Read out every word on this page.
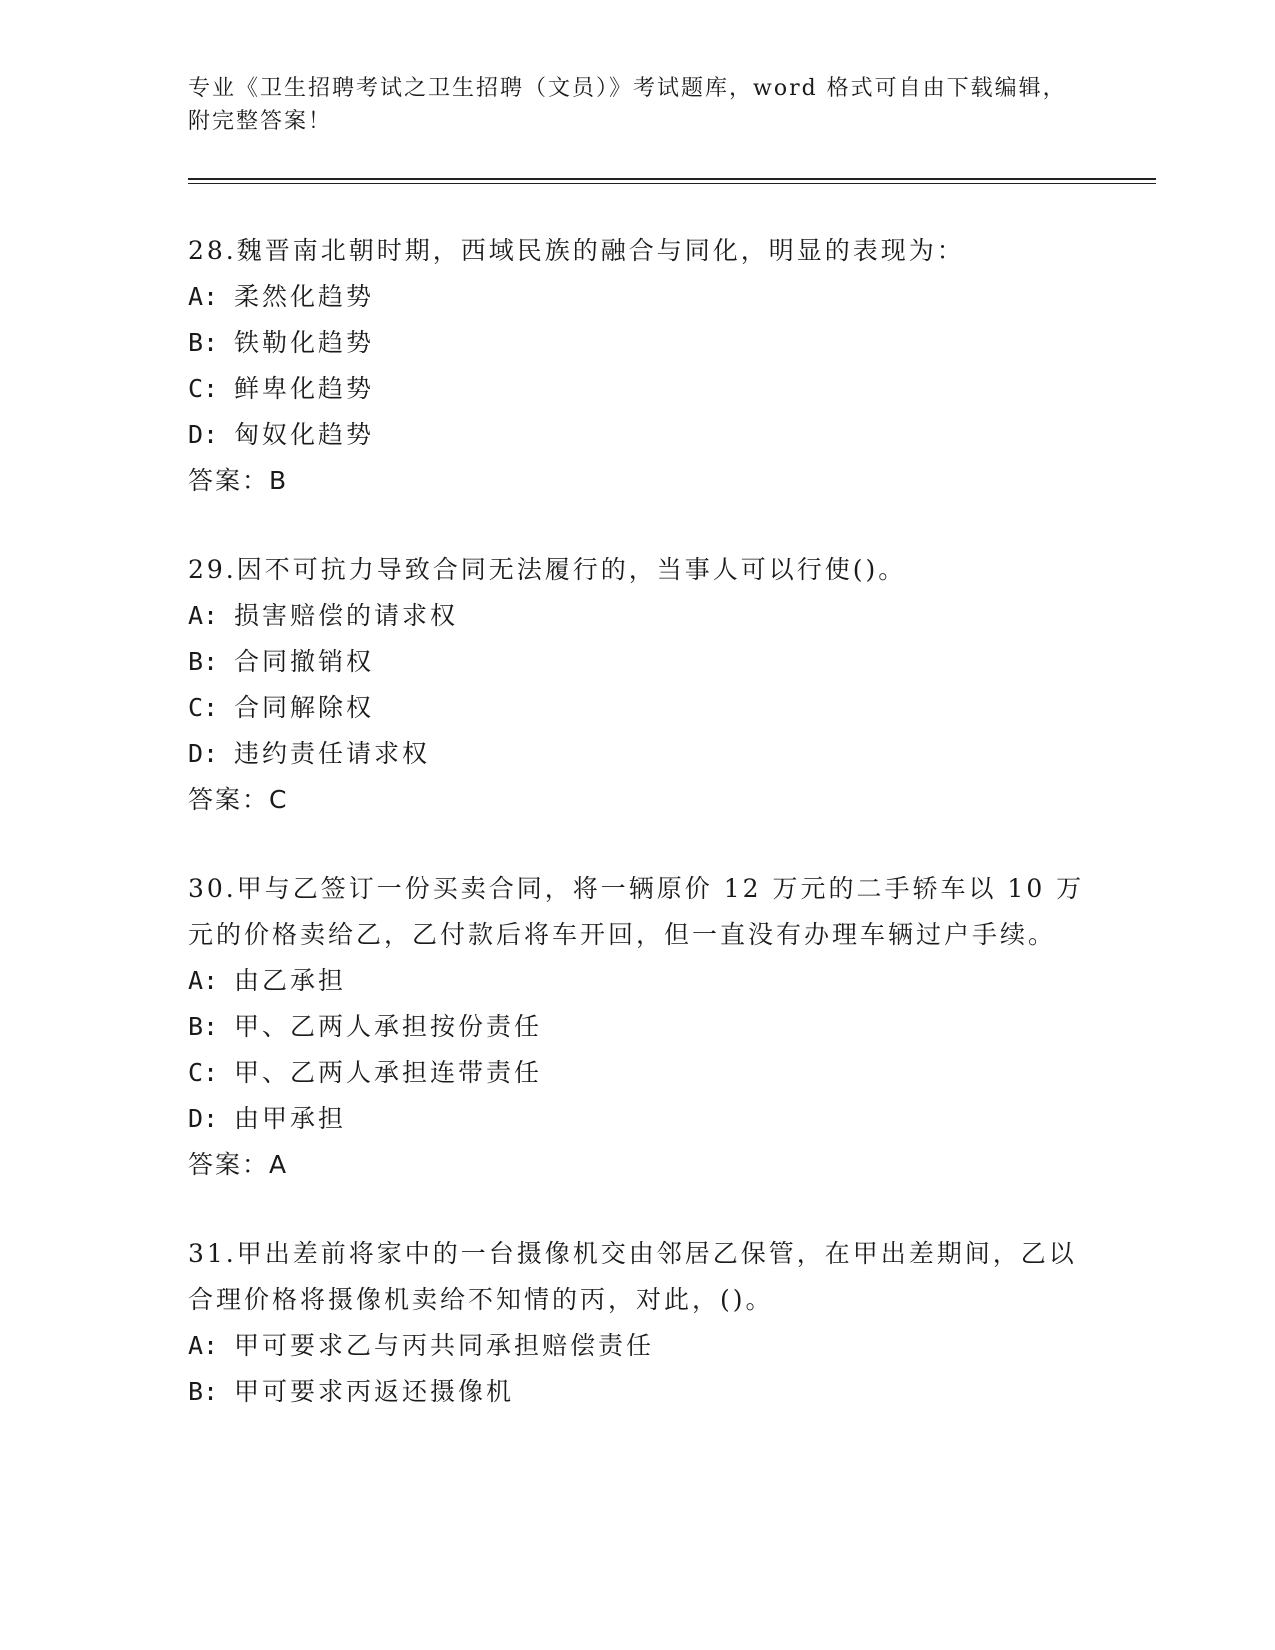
专业《卫生招聘考试之卫生招聘（文员）》考试题库，word 格式可自由下载编辑，附完整答案！

28.魏晋南北朝时期，西域民族的融合与同化，明显的表现为：

A: 柔然化趋势

B: 铁勒化趋势

C: 鲜卑化趋势

D: 匈奴化趋势

答案：B

29.因不可抗力导致合同无法履行的，当事人可以行使()。

A: 损害赔偿的请求权

B: 合同撤销权

C: 合同解除权

D: 违约责任请求权

答案：C

30.甲与乙签订一份买卖合同，将一辆原价 12 万元的二手轿车以 10 万元的价格卖给乙，乙付款后将车开回，但一直没有办理车辆过户手续。

A: 由乙承担

B: 甲、乙两人承担按份责任

C: 甲、乙两人承担连带责任

D: 由甲承担

答案：A

31.甲出差前将家中的一台摄像机交由邻居乙保管，在甲出差期间，乙以合理价格将摄像机卖给不知情的丙，对此，()。

A: 甲可要求乙与丙共同承担赔偿责任

B: 甲可要求丙返还摄像机
